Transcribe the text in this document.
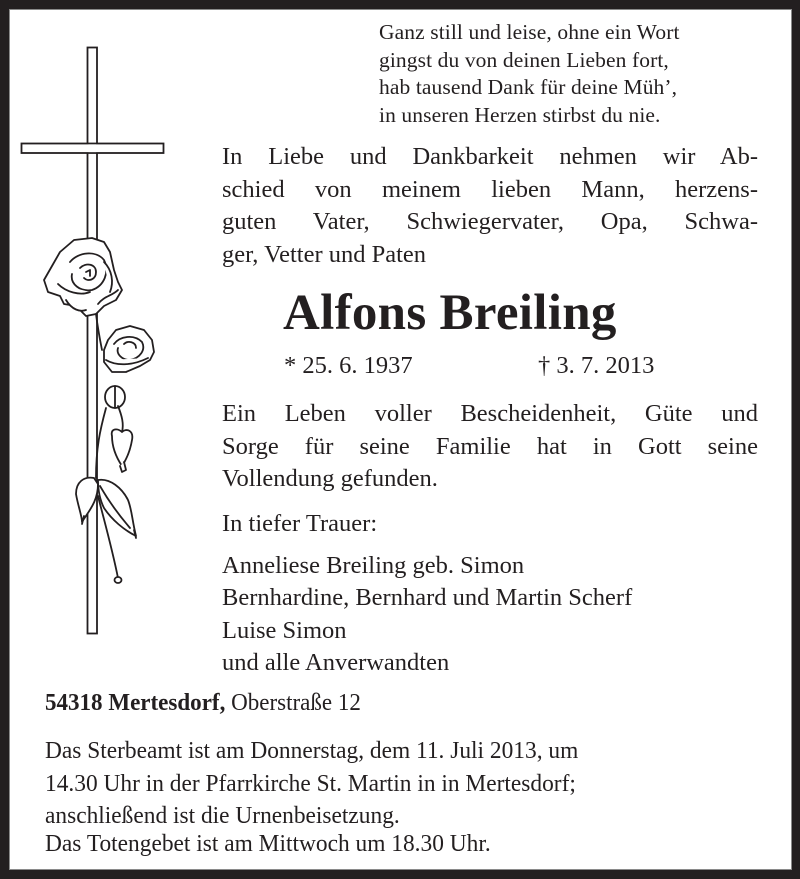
Ganz still und leise, ohne ein Wort
gingst du von deinen Lieben fort,
hab tausend Dank für deine Müh’,
in unseren Herzen stirbst du nie.
In Liebe und Dankbarkeit nehmen wir Ab-
schied von meinem lieben Mann, herzens-
guten Vater, Schwiegervater, Opa, Schwa-
ger, Vetter und Paten
Alfons Breiling
* 25. 6. 1937	† 3. 7. 2013
Ein Leben voller Bescheidenheit, Güte und
Sorge für seine Familie hat in Gott seine
Vollendung gefunden.
In tiefer Trauer:
Anneliese Breiling geb. Simon
Bernhardine, Bernhard und Martin Scherf
Luise Simon
und alle Anverwandten
54318 Mertesdorf, Oberstraße 12
Das Sterbeamt ist am Donnerstag, dem 11. Juli 2013, um
14.30 Uhr in der Pfarrkirche St. Martin in in Mertesdorf;
anschließend ist die Urnenbeisetzung.
Das Totengebet ist am Mittwoch um 18.30 Uhr.
